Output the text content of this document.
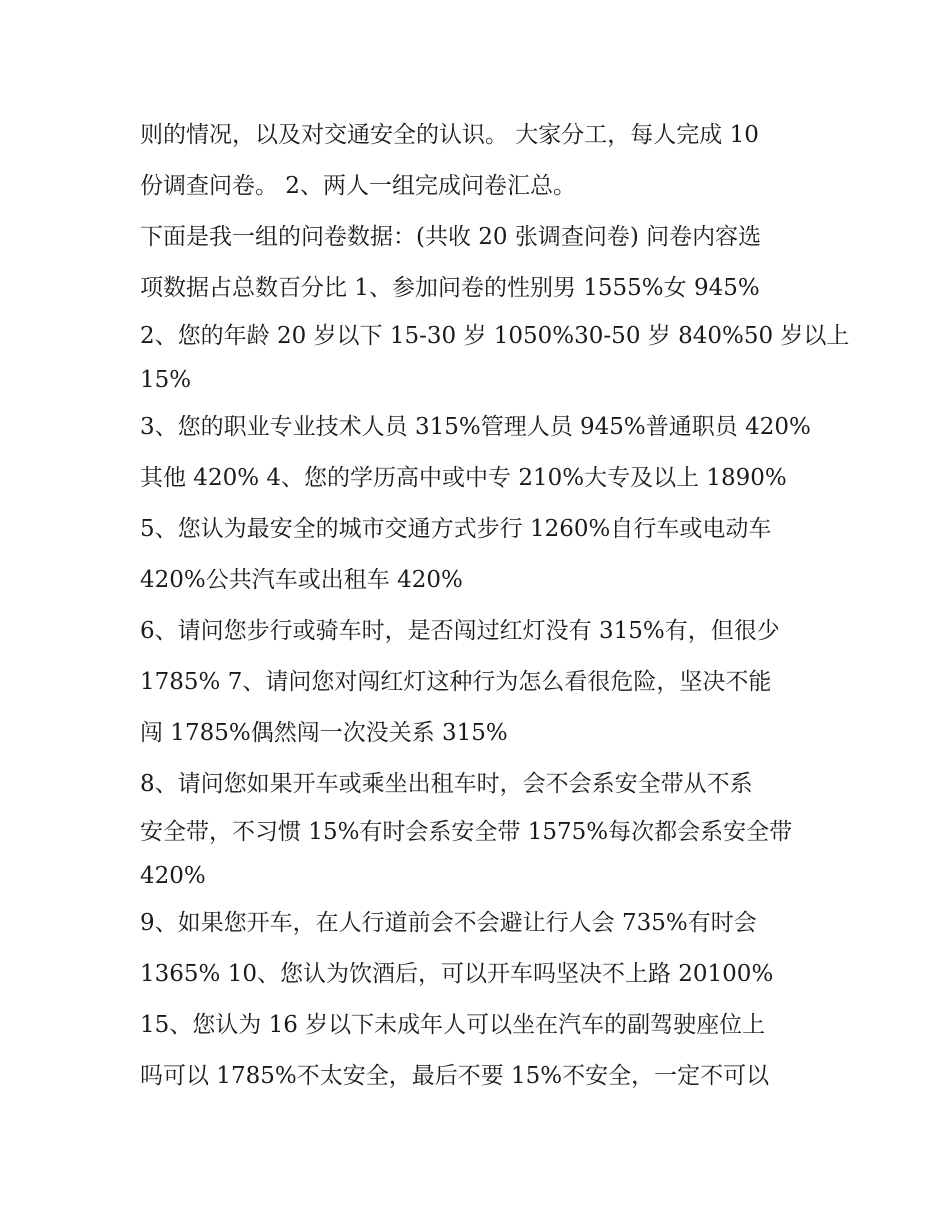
则的情况，以及对交通安全的认识。 大家分工，每人完成 10
份调查问卷。 2、两人一组完成问卷汇总。
下面是我一组的问卷数据：(共收 20 张调查问卷) 问卷内容选
项数据占总数百分比 1、参加问卷的性别男 1555%女 945%
2、您的年龄 20 岁以下 15-30 岁 1050%30-50 岁 840%50 岁以上
15%
3、您的职业专业技术人员 315%管理人员 945%普通职员 420%
其他 420% 4、您的学历高中或中专 210%大专及以上 1890%
5、您认为最安全的城市交通方式步行 1260%自行车或电动车
420%公共汽车或出租车 420%
6、请问您步行或骑车时，是否闯过红灯没有 315%有，但很少
1785% 7、请问您对闯红灯这种行为怎么看很危险，坚决不能
闯 1785%偶然闯一次没关系 315%
8、请问您如果开车或乘坐出租车时，会不会系安全带从不系
安全带，不习惯 15%有时会系安全带 1575%每次都会系安全带
420%
9、如果您开车，在人行道前会不会避让行人会 735%有时会
1365% 10、您认为饮酒后，可以开车吗坚决不上路 20100%
15、您认为 16 岁以下未成年人可以坐在汽车的副驾驶座位上
吗可以 1785%不太安全，最后不要 15%不安全，一定不可以
